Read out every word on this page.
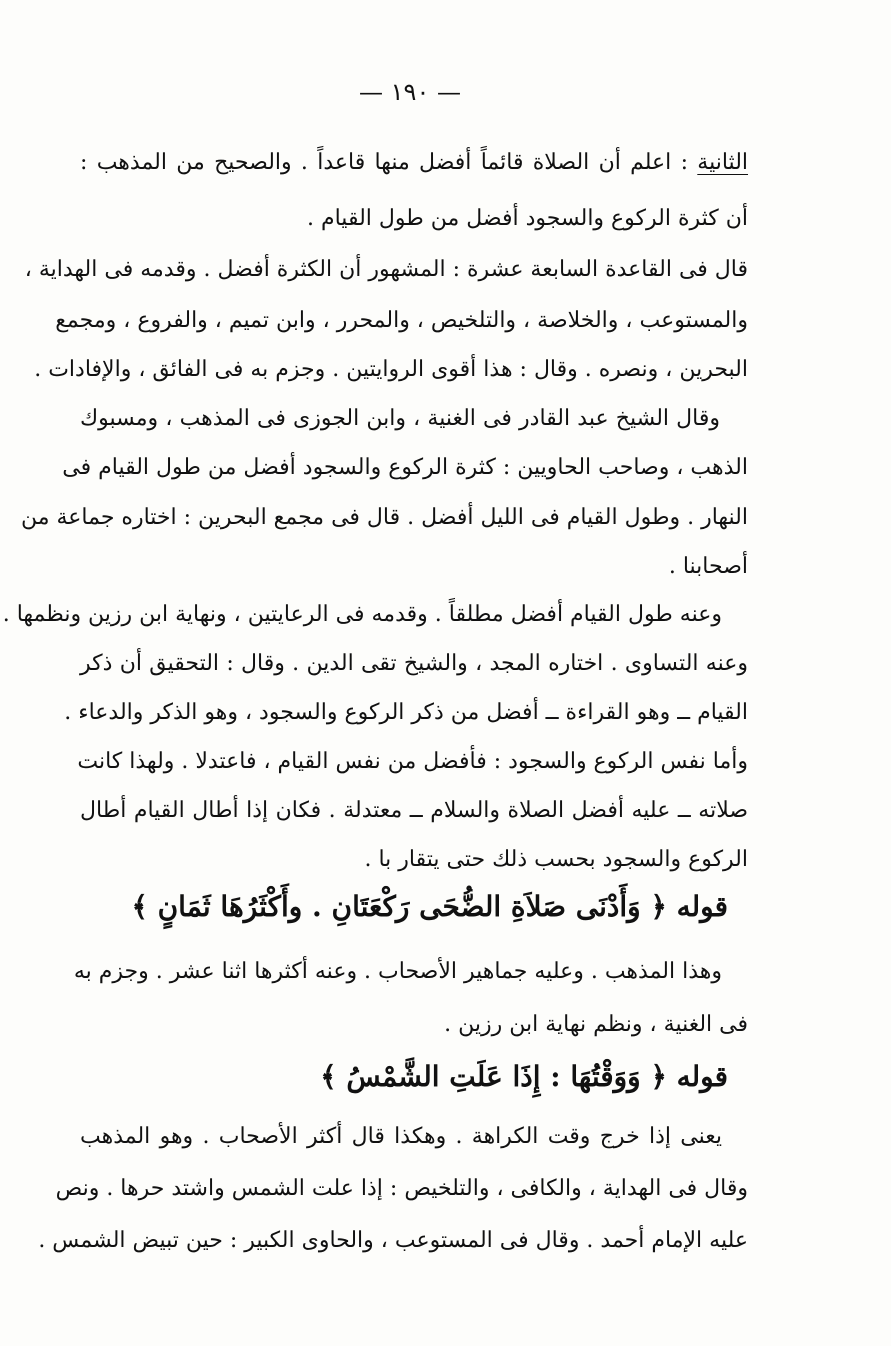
— ١٩٠ —
الثانية : اعلم أن الصلاة قائماً أفضل منها قاعداً . والصحيح من المذهب :
أن كثرة الركوع والسجود أفضل من طول القيام .
قال فى القاعدة السابعة عشرة : المشهور أن الكثرة أفضل . وقدمه فى الهداية ،
والمستوعب ، والخلاصة ، والتلخيص ، والمحرر ، وابن تميم ، والفروع ، ومجمع
البحرين ، ونصره . وقال : هذا أقوى الروايتين . وجزم به فى الفائق ، والإفادات .
وقال الشيخ عبد القادر فى الغنية ، وابن الجوزى فى المذهب ، ومسبوك
الذهب ، وصاحب الحاويين : كثرة الركوع والسجود أفضل من طول القيام فى
النهار . وطول القيام فى الليل أفضل . قال فى مجمع البحرين : اختاره جماعة من
أصحابنا .
وعنه طول القيام أفضل مطلقاً . وقدمه فى الرعايتين ، ونهاية ابن رزين ونظمها .
وعنه التساوى . اختاره المجد ، والشيخ تقى الدين . وقال : التحقيق أن ذكر
القيام ــ وهو القراءة ــ أفضل من ذكر الركوع والسجود ، وهو الذكر والدعاء .
وأما نفس الركوع والسجود : فأفضل من نفس القيام ، فاعتدلا . ولهذا كانت
صلاته ــ عليه أفضل الصلاة والسلام ــ معتدلة . فكان إذا أطال القيام أطال
الركوع والسجود بحسب ذلك حتى يتقار با .
قوله ﴿ وَأَدْنَى صَلاَةِ الضُّحَى رَكْعَتَانِ . وأَكْثَرُهَا ثَمَانٍ ﴾
وهذا المذهب . وعليه جماهير الأصحاب . وعنه أكثرها اثنا عشر . وجزم به
فى الغنية ، ونظم نهاية ابن رزين .
قوله ﴿ وَوَقْتُهَا : إِذَا عَلَتِ الشَّمْسُ ﴾
يعنى إذا خرج وقت الكراهة . وهكذا قال أكثر الأصحاب . وهو المذهب
وقال فى الهداية ، والكافى ، والتلخيص : إذا علت الشمس واشتد حرها . ونص
عليه الإمام أحمد . وقال فى المستوعب ، والحاوى الكبير : حين تبيض الشمس .
